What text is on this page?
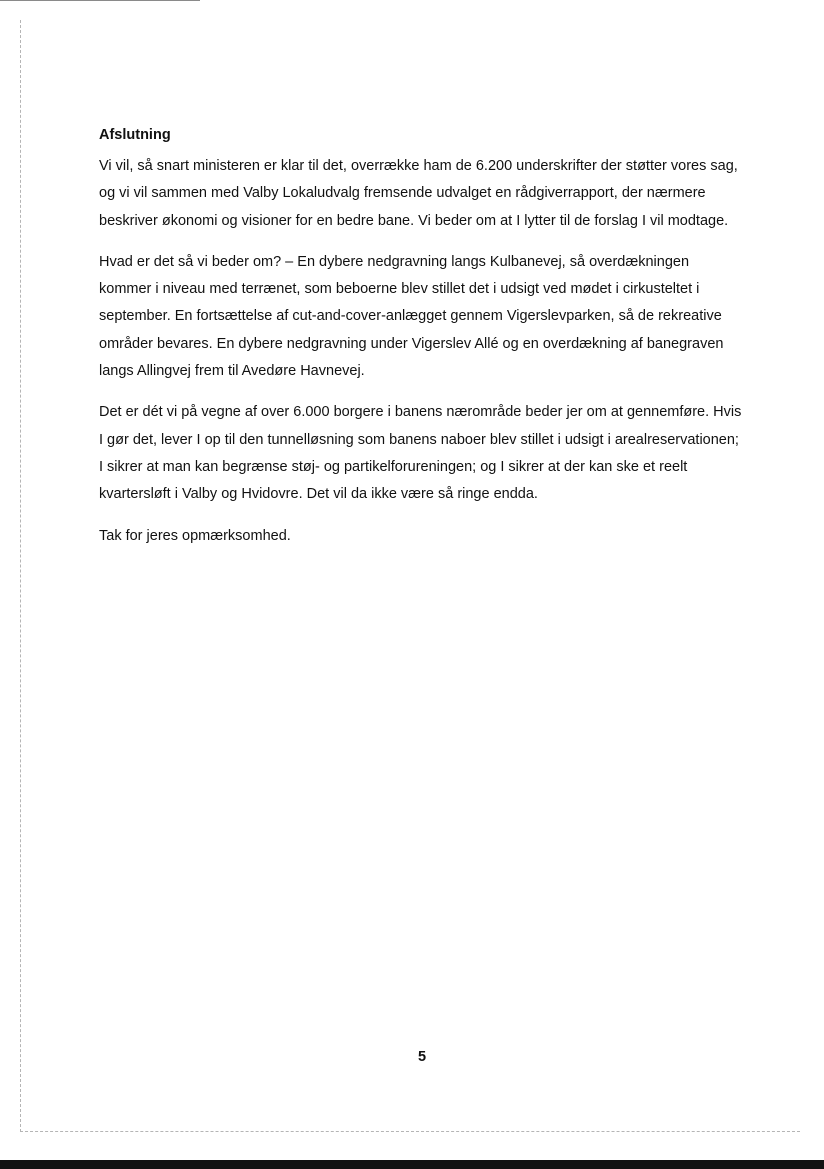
Afslutning

Vi vil, så snart ministeren er klar til det, overrække ham de 6.200 underskrifter der støtter vores sag, og vi vil sammen med Valby Lokaludvalg fremsende udvalget en rådgiverrapport, der nærmere beskriver økonomi og visioner for en bedre bane. Vi beder om at I lytter til de forslag I vil modtage.

Hvad er det så vi beder om? – En dybere nedgravning langs Kulbanevej, så overdækningen kommer i niveau med terrænet, som beboerne blev stillet det i udsigt ved mødet i cirkusteltet i september. En fortsættelse af cut-and-cover-anlægget gennem Vigerslevparken, så de rekreative områder bevares. En dybere nedgravning under Vigerslev Allé og en overdækning af banegraven langs Allingvej frem til Avedøre Havnevej.

Det er dét vi på vegne af over 6.000 borgere i banens nærområde beder jer om at gennemføre. Hvis I gør det, lever I op til den tunnelløsning som banens naboer blev stillet i udsigt i arealreservationen; I sikrer at man kan begrænse støj- og partikelforureningen; og I sikrer at der kan ske et reelt kvartersløft i Valby og Hvidovre. Det vil da ikke være så ringe endda.

Tak for jeres opmærksomhed.

5
